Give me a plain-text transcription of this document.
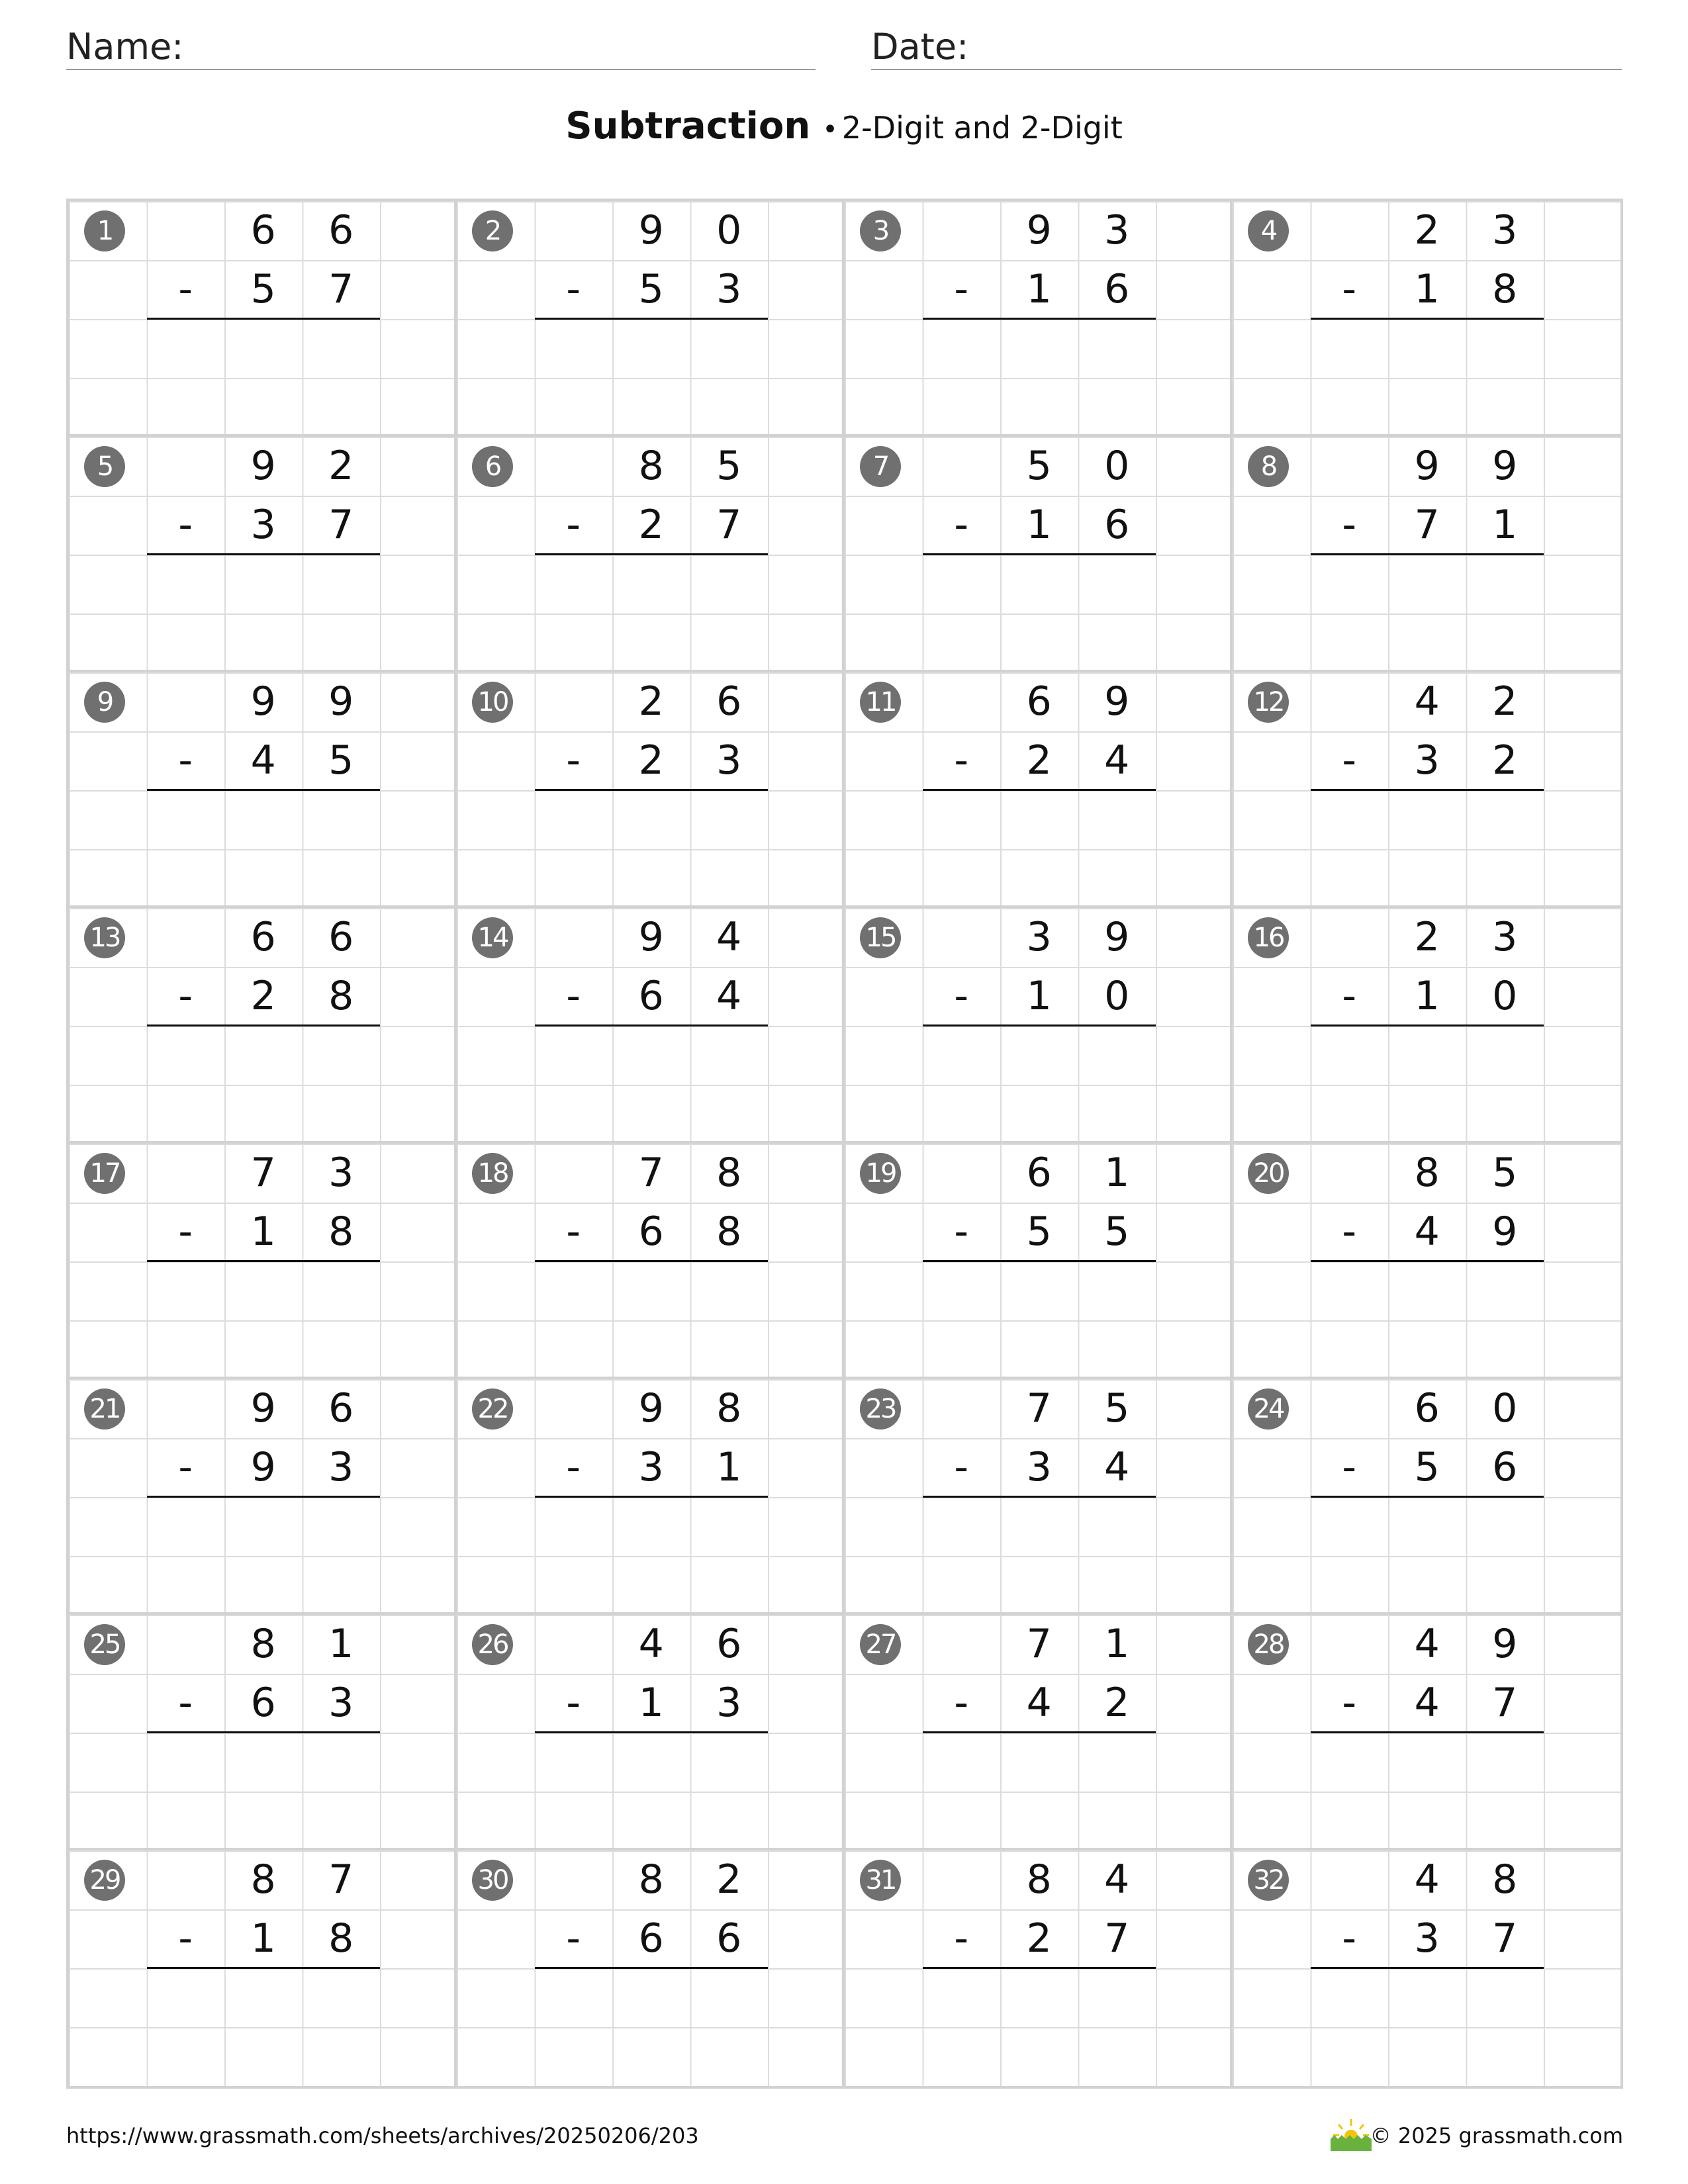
Name:	Date:
Subtraction • 2-Digit and 2-Digit
1	6	6
-	5	7
2	9	0
-	5	3
3	9	3
-	1	6
4	2	3
-	1	8
5	9	2
-	3	7
6	8	5
-	2	7
7	5	0
-	1	6
8	9	9
-	7	1
9	9	9
-	4	5
10	2	6
-	2	3
11	6	9
-	2	4
12	4	2
-	3	2
13	6	6
-	2	8
14	9	4
-	6	4
15	3	9
-	1	0
16	2	3
-	1	0
17	7	3
-	1	8
18	7	8
-	6	8
19	6	1
-	5	5
20	8	5
-	4	9
21	9	6
-	9	3
22	9	8
-	3	1
23	7	5
-	3	4
24	6	0
-	5	6
25	8	1
-	6	3
26	4	6
-	1	3
27	7	1
-	4	2
28	4	9
-	4	7
29	8	7
-	1	8
30	8	2
-	6	6
31	8	4
-	2	7
32	4	8
-	3	7
https://www.grassmath.com/sheets/archives/20250206/203	© 2025 grassmath.com
